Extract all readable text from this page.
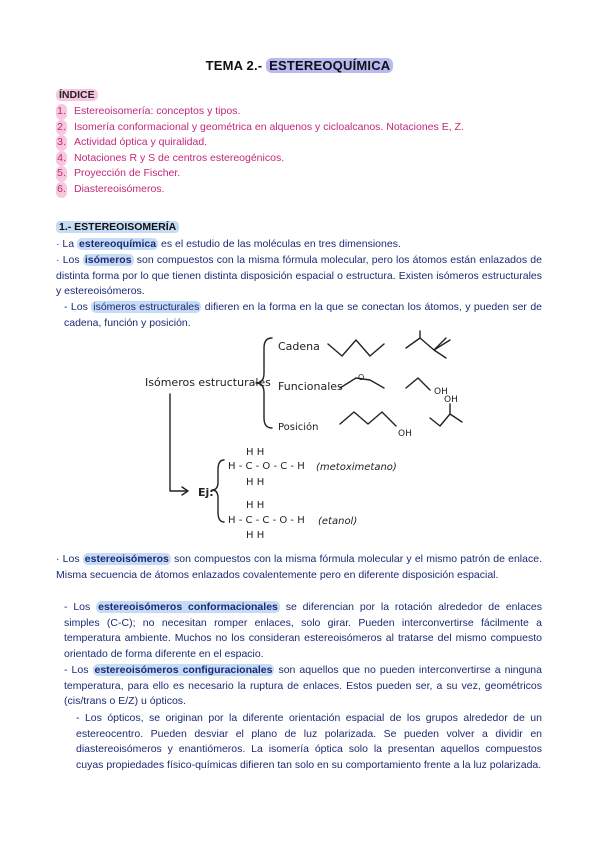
TEMA 2.- ESTEREOQUÍMICA
ÍNDICE
1. Estereoisomería: conceptos y tipos.
2. Isomería conformacional y geométrica en alquenos y cicloalcanos. Notaciones E, Z.
3. Actividad óptica y quiralidad.
4. Notaciones R y S de centros estereogénicos.
5. Proyección de Fischer.
6. Diastereoisómeros.
1.- ESTEREOISOMERÍA
· La estereoquímica es el estudio de las moléculas en tres dimensiones.
· Los isómeros son compuestos con la misma fórmula molecular, pero los átomos están enlazados de distinta forma por lo que tienen distinta disposición espacial o estructura. Existen isómeros estructurales y estereoisómeros.
- Los isómeros estructurales difieren en la forma en la que se conectan los átomos, y pueden ser de cadena, función y posición.
Isómeros estructurales
Cadena
Funcionales
Posición
O
OH
OH
OH
Ej:
H H
H - C - O - C - H
H H
(metoximetano)
H H
H - C - C - O - H
H H
(etanol)
· Los estereoisómeros son compuestos con la misma fórmula molecular y el mismo patrón de enlace. Misma secuencia de átomos enlazados covalentemente pero en diferente disposición espacial.
- Los estereoisómeros conformacionales se diferencian por la rotación alrededor de enlaces simples (C-C); no necesitan romper enlaces, solo girar. Pueden interconvertirse fácilmente a temperatura ambiente. Muchos no los consideran estereoisómeros al tratarse del mismo compuesto orientado de forma diferente en el espacio.
- Los estereoisómeros configuracionales son aquellos que no pueden interconvertirse a ninguna temperatura, para ello es necesario la ruptura de enlaces. Estos pueden ser, a su vez, geométricos (cis/trans o E/Z) u ópticos.
- Los ópticos, se originan por la diferente orientación espacial de los grupos alrededor de un estereocentro. Pueden desviar el plano de luz polarizada. Se pueden volver a dividir en diastereoisómeros y enantiómeros. La isomería óptica solo la presentan aquellos compuestos cuyas propiedades físico-químicas difieren tan solo en su comportamiento frente a la luz polarizada.
